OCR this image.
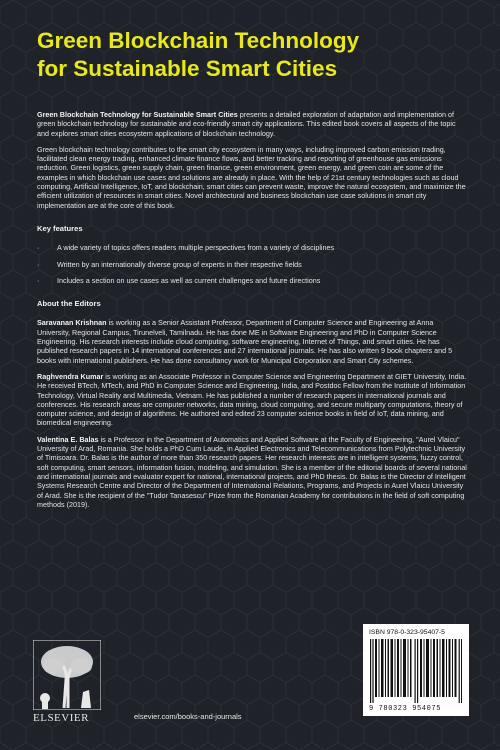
Green Blockchain Technology
for Sustainable Smart Cities

Green Blockchain Technology for Sustainable Smart Cities presents a detailed exploration of adaptation and implementation of green blockchain technology for sustainable and eco-friendly smart city applications. This edited book covers all aspects of the topic and explores smart cities ecosystem applications of blockchain technology.

Green blockchain technology contributes to the smart city ecosystem in many ways, including improved carbon emission trading, facilitated clean energy trading, enhanced climate finance flows, and better tracking and reporting of greenhouse gas emissions reduction. Green logistics, green supply chain, green finance, green environment, green energy, and green coin are some of the examples in which blockchain use cases and solutions are already in place. With the help of 21st century technologies such as cloud computing, Artificial Intelligence, IoT, and blockchain, smart cities can prevent waste, improve the natural ecosystem, and maximize the efficient utilization of resources in smart cities. Novel architectural and business blockchain use case solutions in smart city implementation are at the core of this book.

Key features
· A wide variety of topics offers readers multiple perspectives from a variety of disciplines
· Written by an internationally diverse group of experts in their respective fields
· Includes a section on use cases as well as current challenges and future directions
About the Editors

Saravanan Krishnan is working as a Senior Assistant Professor, Department of Computer Science and Engineering at Anna University, Regional Campus, Tirunelveli, Tamilnadu. He has done ME in Software Engineering and PhD in Computer Science Engineering. His research interests include cloud computing, software engineering, Internet of Things, and smart cities. He has published research papers in 14 international conferences and 27 international journals. He has also written 9 book chapters and 5 books with international publishers. He has done consultancy work for Municipal Corporation and Smart City schemes.

Raghvendra Kumar is working as an Associate Professor in Computer Science and Engineering Department at GIET University, India. He received BTech, MTech, and PhD in Computer Science and Engineering, India, and Postdoc Fellow from the Institute of Information Technology, Virtual Reality and Multimedia, Vietnam. He has published a number of research papers in international journals and conferences. His research areas are computer networks, data mining, cloud computing, and secure multiparty computations, theory of computer science, and design of algorithms. He authored and edited 23 computer science books in field of IoT, data mining, and biomedical engineering.

Valentina E. Balas is a Professor in the Department of Automatics and Applied Software at the Faculty of Engineering, "Aurel Vlaicu" University of Arad, Romania. She holds a PhD Cum Laude, in Applied Electronics and Telecommunications from Polytechnic University of Timisoara. Dr. Balas is the author of more than 350 research papers. Her research interests are in intelligent systems, fuzzy control, soft computing, smart sensors, information fusion, modeling, and simulation. She is a member of the editorial boards of several national and international journals and evaluator expert for national, international projects, and PhD thesis. Dr. Balas is the Director of Intelligent Systems Research Centre and Director of the Department of International Relations, Programs, and Projects in Aurel Vlaicu University of Arad. She is the recipient of the "Tudor Tanasescu" Prize from the Romanian Academy for contributions in the field of soft computing methods (2019).

ELSEVIER	elsevier.com/books-and-journals
ISBN 978-0-323-95407-5
9 780323 954075
